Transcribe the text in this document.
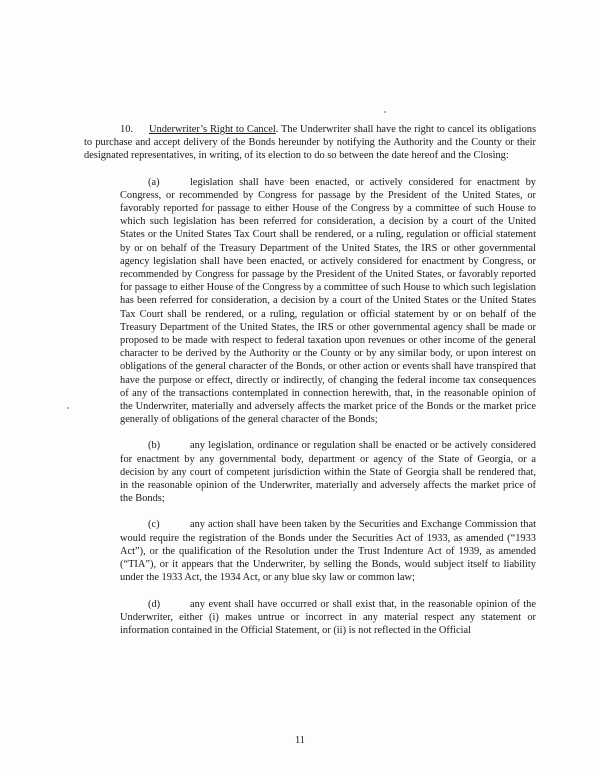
10. Underwriter’s Right to Cancel. The Underwriter shall have the right to cancel its obligations to purchase and accept delivery of the Bonds hereunder by notifying the Authority and the County or their designated representatives, in writing, of its election to do so between the date hereof and the Closing:

(a)	legislation shall have been enacted, or actively considered for enactment by Congress, or recommended by Congress for passage by the President of the United States, or favorably reported for passage to either House of the Congress by a committee of such House to which such legislation has been referred for consideration, a decision by a court of the United States or the United States Tax Court shall be rendered, or a ruling, regulation or official statement by or on behalf of the Treasury Department of the United States, the IRS or other governmental agency legislation shall have been enacted, or actively considered for enactment by Congress, or recommended by Congress for passage by the President of the United States, or favorably reported for passage to either House of the Congress by a committee of such House to which such legislation has been referred for consideration, a decision by a court of the United States or the United States Tax Court shall be rendered, or a ruling, regulation or official statement by or on behalf of the Treasury Department of the United States, the IRS or other governmental agency shall be made or proposed to be made with respect to federal taxation upon revenues or other income of the general character to be derived by the Authority or the County or by any similar body, or upon interest on obligations of the general character of the Bonds, or other action or events shall have transpired that have the purpose or effect, directly or indirectly, of changing the federal income tax consequences of any of the transactions contemplated in connection herewith, that, in the reasonable opinion of the Underwriter, materially and adversely affects the market price of the Bonds or the market price generally of obligations of the general character of the Bonds;

(b)	any legislation, ordinance or regulation shall be enacted or be actively considered for enactment by any governmental body, department or agency of the State of Georgia, or a decision by any court of competent jurisdiction within the State of Georgia shall be rendered that, in the reasonable opinion of the Underwriter, materially and adversely affects the market price of the Bonds;

(c)	any action shall have been taken by the Securities and Exchange Commission that would require the registration of the Bonds under the Securities Act of 1933, as amended (“1933 Act”), or the qualification of the Resolution under the Trust Indenture Act of 1939, as amended (“TIA”), or it appears that the Underwriter, by selling the Bonds, would subject itself to liability under the 1933 Act, the 1934 Act, or any blue sky law or common law;

(d)	any event shall have occurred or shall exist that, in the reasonable opinion of the Underwriter, either (i) makes untrue or incorrect in any material respect any statement or information contained in the Official Statement, or (ii) is not reflected in the Official

11
